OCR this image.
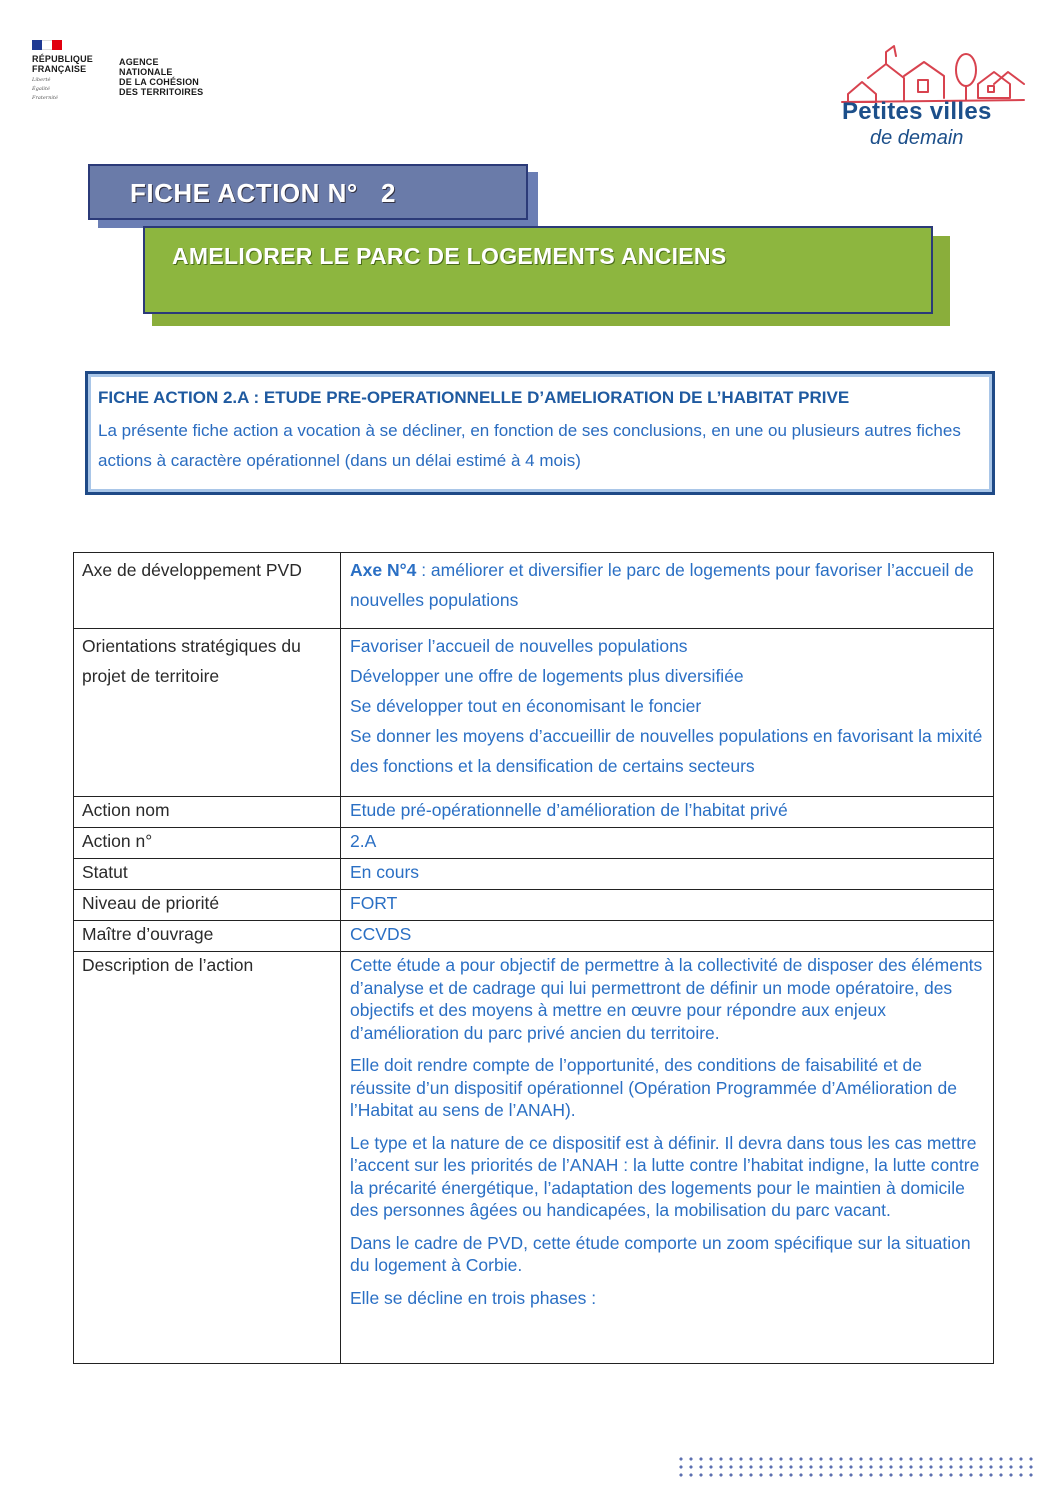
RÉPUBLIQUE
FRANÇAISE
Liberté
Égalité
Fraternité
AGENCE
NATIONALE
DE LA COHÉSION
DES TERRITOIRES
Petites villes
de demain
FICHE ACTION N° 2
AMELIORER LE PARC DE LOGEMENTS ANCIENS
FICHE ACTION 2.A : ETUDE PRE-OPERATIONNELLE D’AMELIORATION DE L’HABITAT PRIVE
La présente fiche action a vocation à se décliner, en fonction de ses conclusions, en une ou plusieurs autres fiches actions à caractère opérationnel (dans un délai estimé à 4 mois)
Axe de développement PVD	Axe N°4 : améliorer et diversifier le parc de logements pour favoriser l’accueil de nouvelles populations
Orientations stratégiques du projet de territoire	Favoriser l’accueil de nouvelles populations
Développer une offre de logements plus diversifiée
Se développer tout en économisant le foncier
Se donner les moyens d’accueillir de nouvelles populations en favorisant la mixité des fonctions et la densification de certains secteurs

Action nom	Etude pré-opérationnelle d’amélioration de l’habitat privé
Action n°	2.A
Statut	En cours
Niveau de priorité	FORT
Maître d’ouvrage	CCVDS
Description de l’action	Cette étude a pour objectif de permettre à la collectivité de disposer des éléments d’analyse et de cadrage qui lui permettront de définir un mode opératoire, des objectifs et des moyens à mettre en œuvre pour répondre aux enjeux d’amélioration du parc privé ancien du territoire.

Elle doit rendre compte de l’opportunité, des conditions de faisabilité et de réussite d’un dispositif opérationnel (Opération Programmée d’Amélioration de l’Habitat au sens de l’ANAH).

Le type et la nature de ce dispositif est à définir. Il devra dans tous les cas mettre l’accent sur les priorités de l’ANAH : la lutte contre l’habitat indigne, la lutte contre la précarité énergétique, l’adaptation des logements pour le maintien à domicile des personnes âgées ou handicapées, la mobilisation du parc vacant.

Dans le cadre de PVD, cette étude comporte un zoom spécifique sur la situation du logement à Corbie.

Elle se décline en trois phases :
